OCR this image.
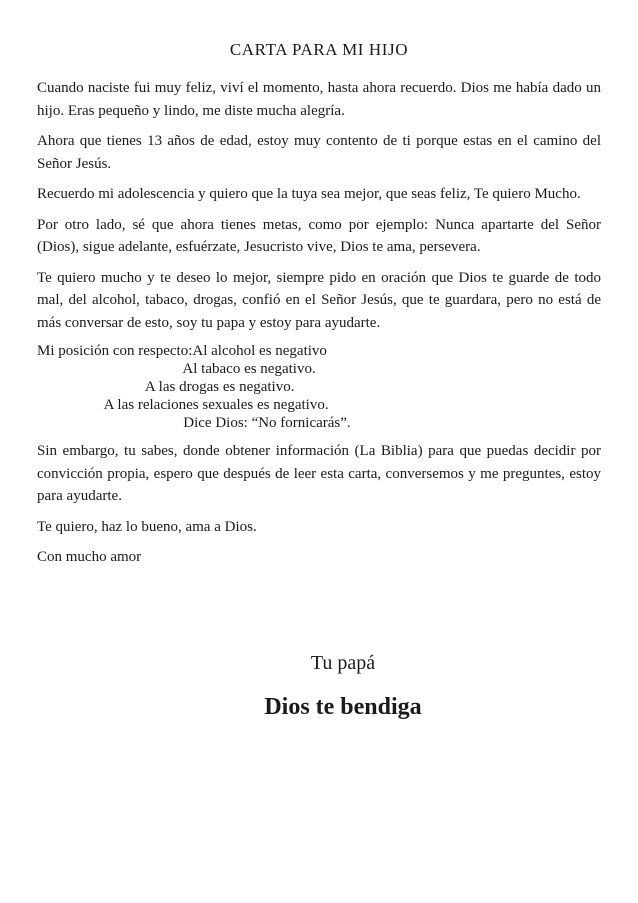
CARTA PARA MI HIJO

Cuando naciste fui muy feliz, viví el momento, hasta ahora recuerdo. Dios me había dado un hijo. Eras pequeño y lindo, me diste mucha alegría.

Ahora que tienes 13 años de edad, estoy muy contento de ti porque estas en el camino del Señor Jesús.

Recuerdo mi adolescencia y quiero que la tuya sea mejor, que seas feliz, Te quiero Mucho.

Por otro lado, sé que ahora tienes metas, como por ejemplo: Nunca apartarte del Señor (Dios), sigue adelante, esfuérzate, Jesucristo vive, Dios te ama, persevera.

Te quiero mucho y te deseo lo mejor, siempre pido en oración que Dios te guarde de todo mal, del alcohol, tabaco, drogas, confió en el Señor Jesús, que te guardara, pero no está de más conversar de esto, soy tu papa y estoy para ayudarte.

Mi posición con respecto:Al alcohol es negativo
Al tabaco es negativo.
A las drogas es negativo.
A las relaciones sexuales es negativo.
Dice Dios: “No fornicarás”.

Sin embargo, tu sabes, donde obtener información (La Biblia) para que puedas decidir por convicción propia, espero que después de leer esta carta, conversemos y me preguntes, estoy para ayudarte.

Te quiero, haz lo bueno, ama a Dios.

Con mucho amor

Tu papá
Dios te bendiga
